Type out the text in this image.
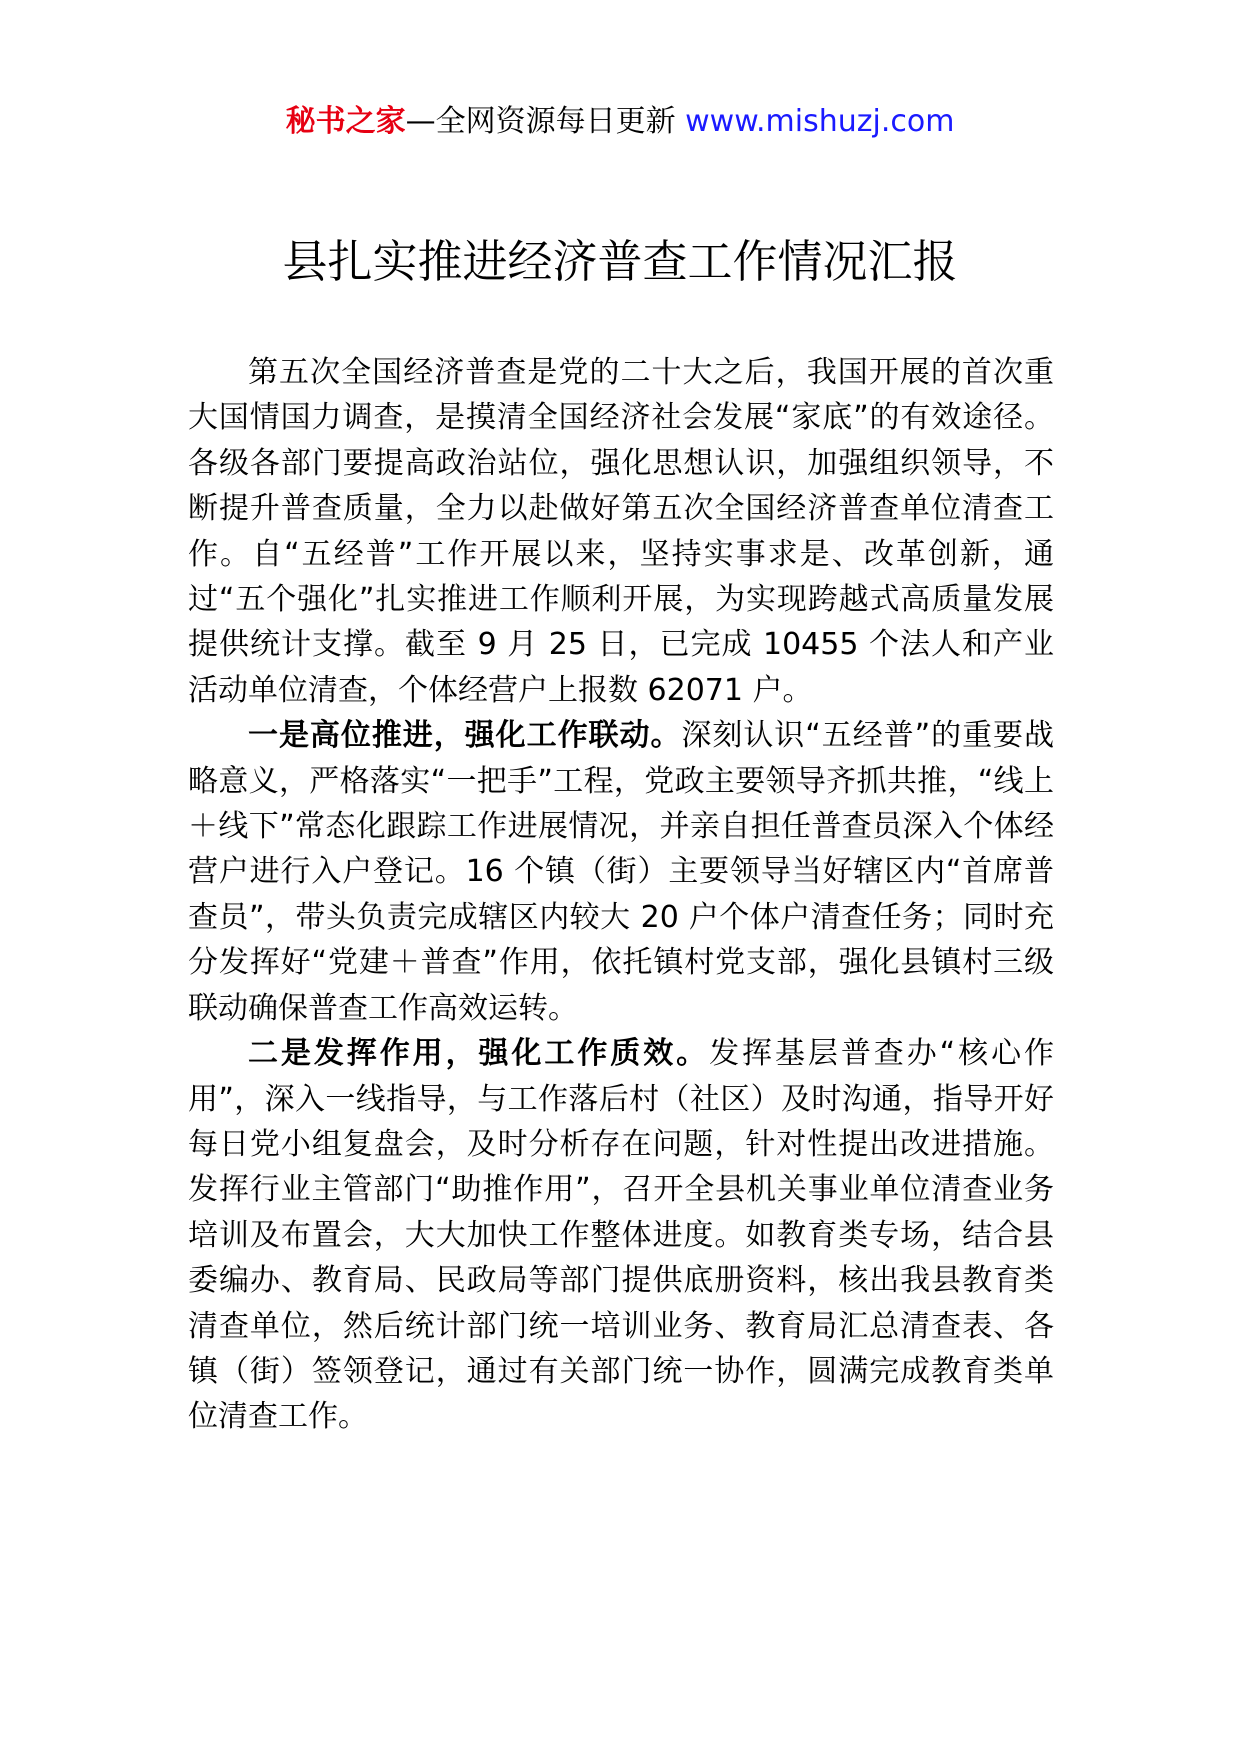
秘书之家—全网资源每日更新 www.mishuzj.com
县扎实推进经济普查工作情况汇报

第五次全国经济普查是党的二十大之后，我国开展的首次重大国情国力调查，是摸清全国经济社会发展“家底”的有效途径。各级各部门要提高政治站位，强化思想认识，加强组织领导，不断提升普查质量，全力以赴做好第五次全国经济普查单位清查工作。自“五经普”工作开展以来，坚持实事求是、改革创新，通过“五个强化”扎实推进工作顺利开展，为实现跨越式高质量发展提供统计支撑。截至 9 月 25 日，已完成 10455 个法人和产业活动单位清查，个体经营户上报数 62071 户。

一是高位推进，强化工作联动。深刻认识“五经普”的重要战略意义，严格落实“一把手”工程，党政主要领导齐抓共推，“线上＋线下”常态化跟踪工作进展情况，并亲自担任普查员深入个体经营户进行入户登记。16 个镇（街）主要领导当好辖区内“首席普查员”，带头负责完成辖区内较大 20 户个体户清查任务；同时充分发挥好“党建＋普查”作用，依托镇村党支部，强化县镇村三级联动确保普查工作高效运转。

二是发挥作用，强化工作质效。发挥基层普查办“核心作用”，深入一线指导，与工作落后村（社区）及时沟通，指导开好每日党小组复盘会，及时分析存在问题，针对性提出改进措施。发挥行业主管部门“助推作用”，召开全县机关事业单位清查业务培训及布置会，大大加快工作整体进度。如教育类专场，结合县委编办、教育局、民政局等部门提供底册资料，核出我县教育类清查单位，然后统计部门统一培训业务、教育局汇总清查表、各镇（街）签领登记，通过有关部门统一协作，圆满完成教育类单位清查工作。
